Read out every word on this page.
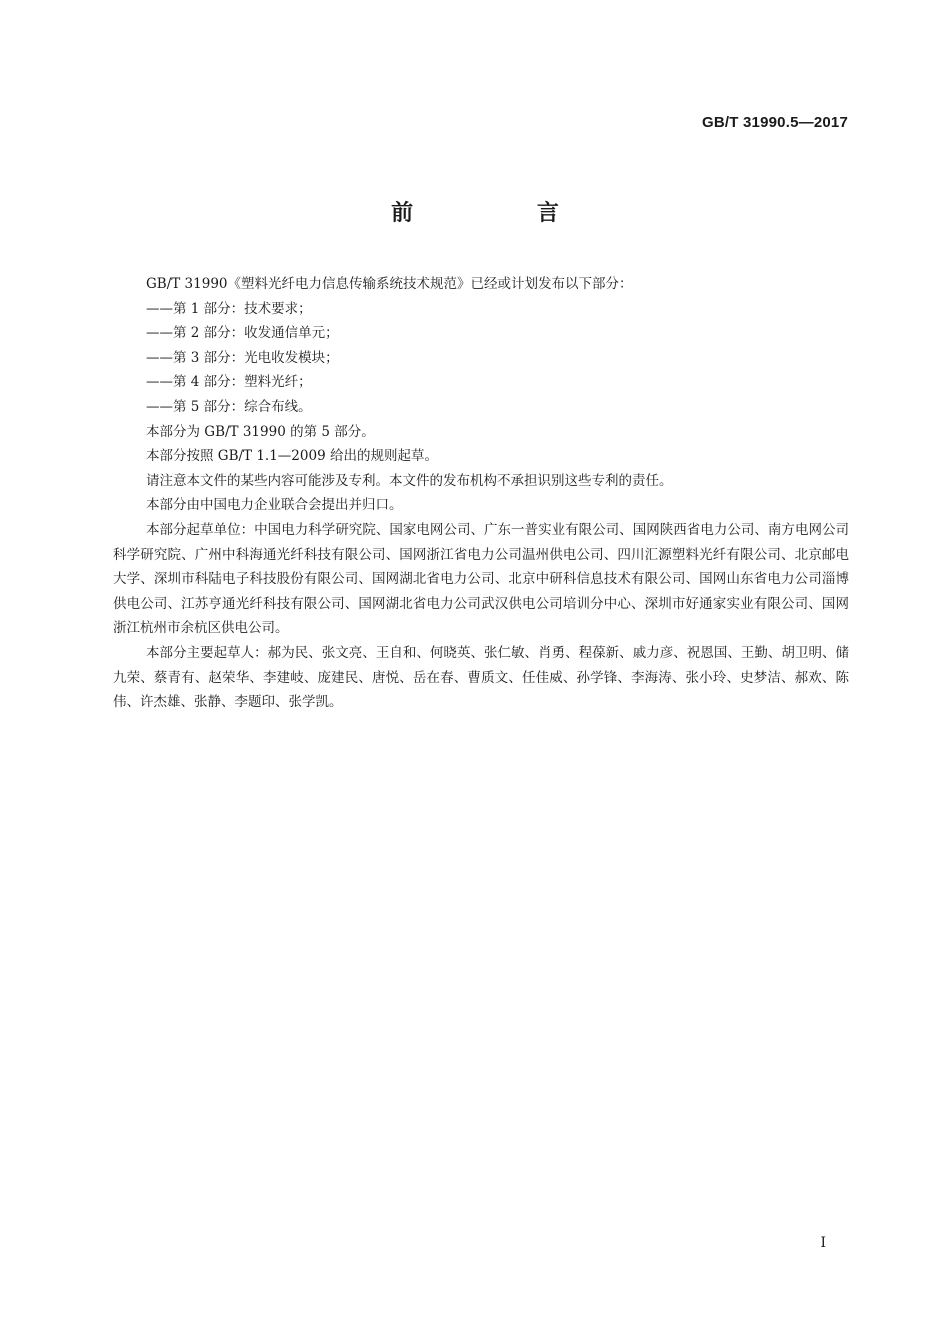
GB/T 31990.5—2017
前 言

GB/T 31990《塑料光纤电力信息传输系统技术规范》已经或计划发布以下部分：

——第 1 部分：技术要求；

——第 2 部分：收发通信单元；

——第 3 部分：光电收发模块；

——第 4 部分：塑料光纤；

——第 5 部分：综合布线。

本部分为 GB/T 31990 的第 5 部分。

本部分按照 GB/T 1.1—2009 给出的规则起草。

请注意本文件的某些内容可能涉及专利。本文件的发布机构不承担识别这些专利的责任。

本部分由中国电力企业联合会提出并归口。

本部分起草单位：中国电力科学研究院、国家电网公司、广东一普实业有限公司、国网陕西省电力公司、南方电网公司科学研究院、广州中科海通光纤科技有限公司、国网浙江省电力公司温州供电公司、四川汇源塑料光纤有限公司、北京邮电大学、深圳市科陆电子科技股份有限公司、国网湖北省电力公司、北京中研科信息技术有限公司、国网山东省电力公司淄博供电公司、江苏亨通光纤科技有限公司、国网湖北省电力公司武汉供电公司培训分中心、深圳市好通家实业有限公司、国网浙江杭州市余杭区供电公司。

本部分主要起草人：郝为民、张文亮、王自和、何晓英、张仁敏、肖勇、程葆新、戚力彦、祝恩国、王勤、胡卫明、储九荣、蔡青有、赵荣华、李建岐、庞建民、唐悦、岳在春、曹质文、任佳威、孙学锋、李海涛、张小玲、史梦洁、郝欢、陈伟、许杰雄、张静、李题印、张学凯。

I
